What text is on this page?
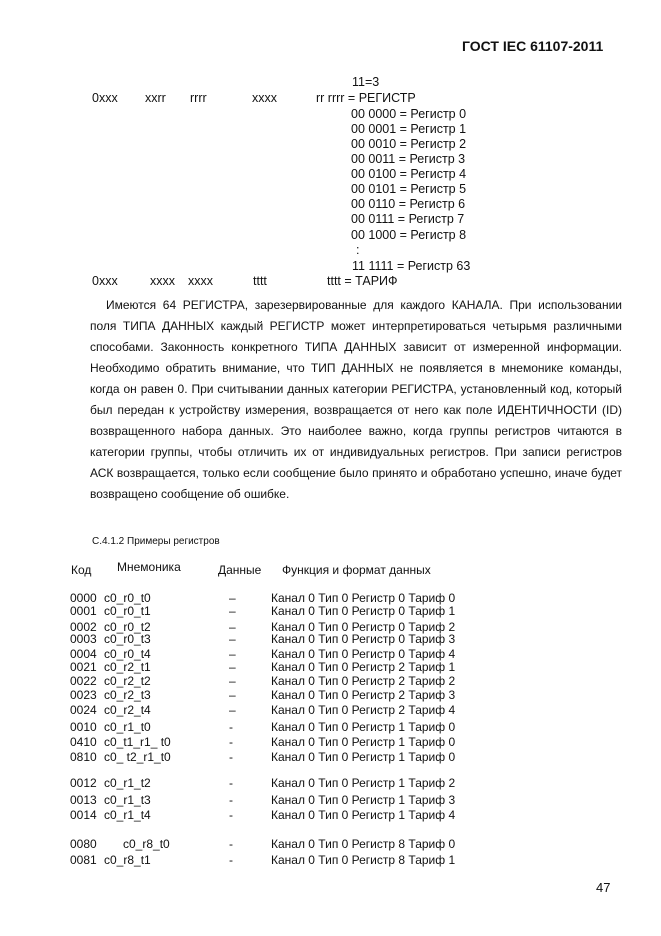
ГОСТ IEC 61107-2011
11=3
0xxx xxrr rrrr	xxxx	rr rrrr = РЕГИСТР
00 0000 = Регистр 0
00 0001 = Регистр 1
00 0010 = Регистр 2
00 0011 = Регистр 3
00 0100 = Регистр 4
00 0101 = Регистр 5
00 0110 = Регистр 6
00 0111 = Регистр 7
00 1000 = Регистр 8
:
11 1111 = Регистр 63
0xxx	xxxx xxxx	tttt	tttt = ТАРИФ

Имеются 64 РЕГИСТРА, зарезервированные для каждого КАНАЛА. При использовании поля ТИПА ДАННЫХ каждый РЕГИСТР может интерпретироваться четырьмя различными способами. Законность конкретного ТИПА ДАННЫХ зависит от измеренной информации. Необходимо обратить внимание, что ТИП ДАННЫХ не появляется в мнемонике команды, когда он равен 0. При считывании данных категории РЕГИСТРА, установленный код, который был передан к устройству измерения, возвращается от него как поле ИДЕНТИЧНОСТИ (ID) возвращенного набора данных. Это наиболее важно, когда группы регистров читаются в категории группы, чтобы отличить их от индивидуальных регистров. При записи регистров АСК возвращается, только если сообщение было принято и обработано успешно, иначе будет возвращено сообщение об ошибке.

С.4.1.2 Примеры регистров
Код Мнемоника	Данные Функция и формат данных
0000 c0_r0_t0	–	Канал 0 Тип 0 Регистр 0 Тариф 0
0001 c0_r0_t1	–	Канал 0 Тип 0 Регистр 0 Тариф 1
0002 c0_r0_t2	–	Канал 0 Тип 0 Регистр 0 Тариф 2
0003 c0_r0_t3	–	Канал 0 Тип 0 Регистр 0 Тариф 3
0004 c0_r0_t4	–	Канал 0 Тип 0 Регистр 0 Тариф 4
0021 c0_r2_t1	–	Канал 0 Тип 0 Регистр 2 Тариф 1
0022 c0_r2_t2	–	Канал 0 Тип 0 Регистр 2 Тариф 2
0023 c0_r2_t3	–	Канал 0 Тип 0 Регистр 2 Тариф 3
0024 c0_r2_t4	–	Канал 0 Тип 0 Регистр 2 Тариф 4
0010 c0_r1_t0	-	Канал 0 Тип 0 Регистр 1 Тариф 0
0410 c0_t1_r1_ t0	-	Канал 0 Тип 0 Регистр 1 Тариф 0
0810 c0_ t2_r1_t0	-	Канал 0 Тип 0 Регистр 1 Тариф 0
0012 c0_r1_t2	-	Канал 0 Тип 0 Регистр 1 Тариф 2
0013 c0_r1_t3	-	Канал 0 Тип 0 Регистр 1 Тариф 3
0014 c0_r1_t4	-	Канал 0 Тип 0 Регистр 1 Тариф 4
0080 c0_r8_t0	-	Канал 0 Тип 0 Регистр 8 Тариф 0
0081 c0_r8_t1	-	Канал 0 Тип 0 Регистр 8 Тариф 1
47
